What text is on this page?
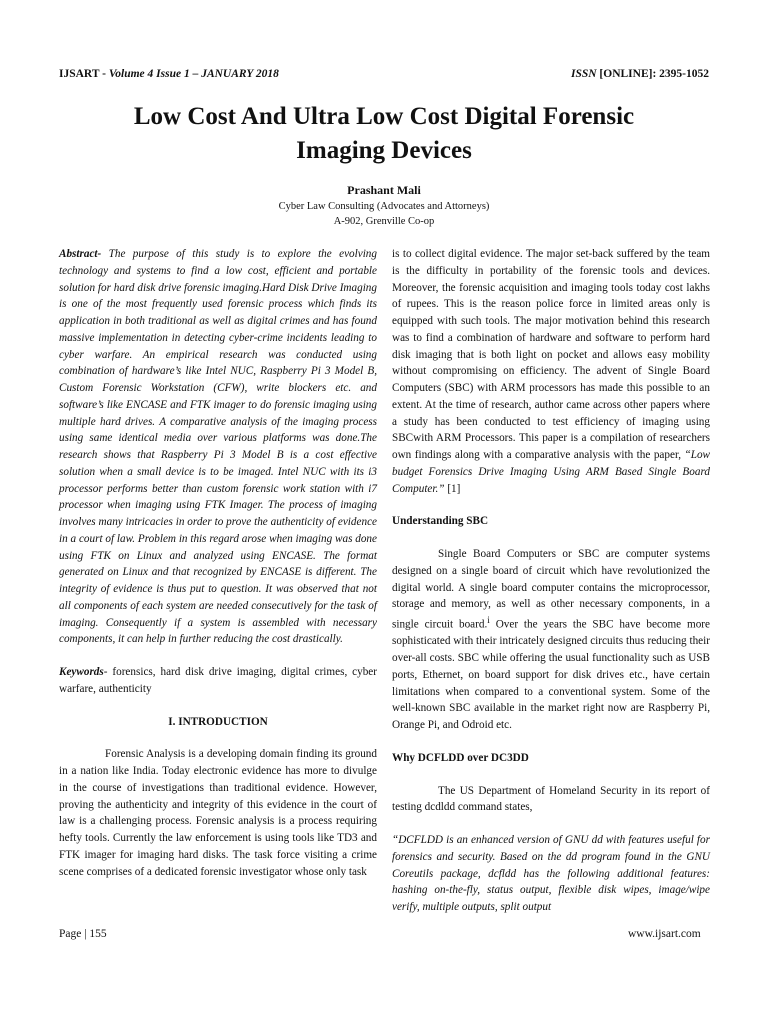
IJSART - Volume 4 Issue 1 – JANUARY 2018	ISSN [ONLINE]: 2395-1052
Low Cost And Ultra Low Cost Digital Forensic
Imaging Devices
Prashant Mali
Cyber Law Consulting (Advocates and Attorneys)
A-902, Grenville Co-op

Abstract- The purpose of this study is to explore the evolving technology and systems to find a low cost, efficient and portable solution for hard disk drive forensic imaging.Hard Disk Drive Imaging is one of the most frequently used forensic process which finds its application in both traditional as well as digital crimes and has found massive implementation in detecting cyber-crime incidents leading to cyber warfare. An empirical research was conducted using combination of hardware’s like Intel NUC, Raspberry Pi 3 Model B, Custom Forensic Workstation (CFW), write blockers etc. and software’s like ENCASE and FTK imager to do forensic imaging using multiple hard drives. A comparative analysis of the imaging process using same identical media over various platforms was done.The research shows that Raspberry Pi 3 Model B is a cost effective solution when a small device is to be imaged. Intel NUC with its i3 processor performs better than custom forensic work station with i7 processor when imaging using FTK Imager. The process of imaging involves many intricacies in order to prove the authenticity of evidence in a court of law. Problem in this regard arose when imaging was done using FTK on Linux and analyzed using ENCASE. The format generated on Linux and that recognized by ENCASE is different. The integrity of evidence is thus put to question. It was observed that not all components of each system are needed consecutively for the task of imaging. Consequently if a system is assembled with necessary components, it can help in further reducing the cost drastically.

Keywords- forensics, hard disk drive imaging, digital crimes, cyber warfare, authenticity

I. INTRODUCTION

Forensic Analysis is a developing domain finding its ground in a nation like India. Today electronic evidence has more to divulge in the course of investigations than traditional evidence. However, proving the authenticity and integrity of this evidence in the court of law is a challenging process. Forensic analysis is a process requiring hefty tools. Currently the law enforcement is using tools like TD3 and FTK imager for imaging hard disks. The task force visiting a crime scene comprises of a dedicated forensic investigator whose only task

is to collect digital evidence. The major set-back suffered by the team is the difficulty in portability of the forensic tools and devices. Moreover, the forensic acquisition and imaging tools today cost lakhs of rupees. This is the reason police force in limited areas only is equipped with such tools. The major motivation behind this research was to find a combination of hardware and software to perform hard disk imaging that is both light on pocket and allows easy mobility without compromising on efficiency. The advent of Single Board Computers (SBC) with ARM processors has made this possible to an extent. At the time of research, author came across other papers where a study has been conducted to test efficiency of imaging using SBCwith ARM Processors. This paper is a compilation of researchers own findings along with a comparative analysis with the paper, “Low budget Forensics Drive Imaging Using ARM Based Single Board Computer.” [1]

Understanding SBC

Single Board Computers or SBC are computer systems designed on a single board of circuit which have revolutionized the digital world. A single board computer contains the microprocessor, storage and memory, as well as other necessary components, in a single circuit board.$^i$ Over the years the SBC have become more sophisticated with their intricately designed circuits thus reducing their over-all costs. SBC while offering the usual functionality such as USB ports, Ethernet, on board support for disk drives etc., have certain limitations when compared to a conventional system. Some of the well-known SBC available in the market right now are Raspberry Pi, Orange Pi, and Odroid etc.

Why DCFLDD over DC3DD

The US Department of Homeland Security in its report of testing dcdldd command states,

“DCFLDD is an enhanced version of GNU dd with features useful for forensics and security. Based on the dd program found in the GNU Coreutils package, dcfldd has the following additional features: hashing on-the-fly, status output, flexible disk wipes, image/wipe verify, multiple outputs, split output

Page | 155	www.ijsart.com
